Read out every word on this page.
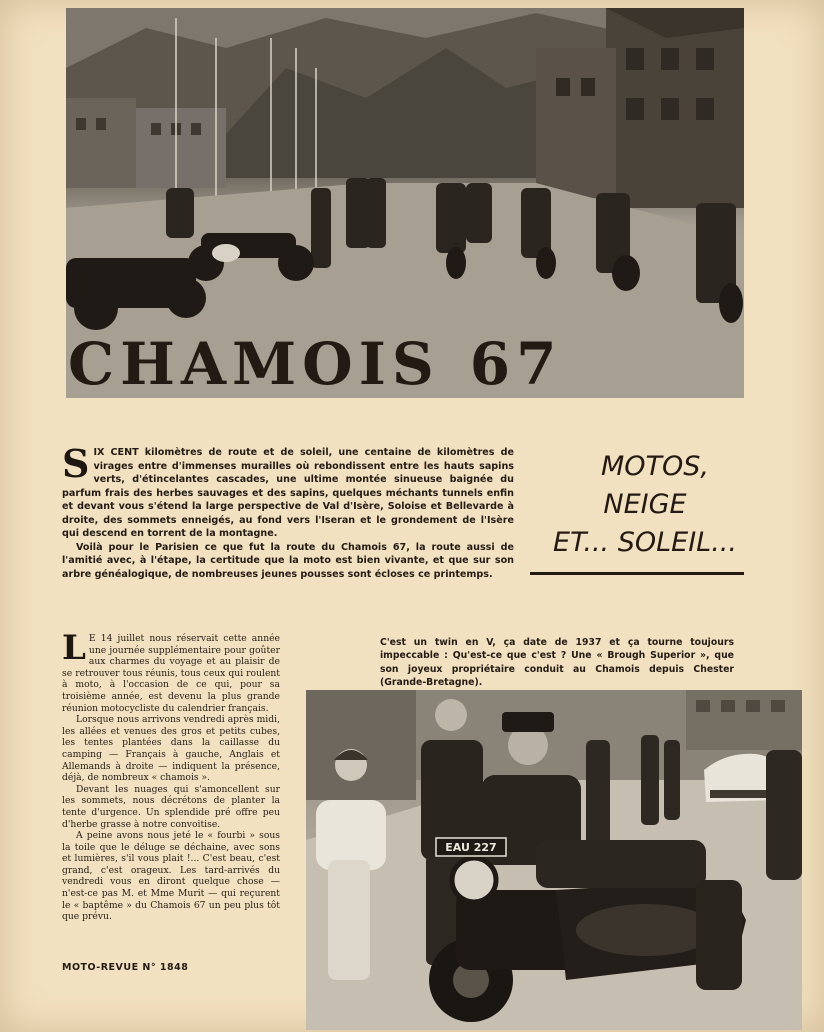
CHAMOIS 67

SIX CENT kilomètres de route et de soleil, une centaine de kilomètres de virages entre d'immenses murailles où rebondissent entre les hauts sapins verts, d'étincelantes cascades, une ultime montée sinueuse baignée du parfum frais des herbes sauvages et des sapins, quelques méchants tunnels enfin et devant vous s'étend la large perspective de Val d'Isère, Soloise et Bellevarde à droite, des sommets enneigés, au fond vers l'Iseran et le grondement de l'Isère qui descend en torrent de la montagne.

Voilà pour le Parisien ce que fut la route du Chamois 67, la route aussi de l'amitié avec, à l'étape, la certitude que la moto est bien vivante, et que sur son arbre généalogique, de nombreuses jeunes pousses sont écloses ce printemps.

MOTOS,
NEIGE
ET... SOLEIL...

L E 14 juillet nous réservait cette année une journée supplémentaire pour goûter aux charmes du voyage et au plaisir de se retrouver tous réunis, tous ceux qui roulent à moto, à l'occasion de ce qui, pour sa troisième année, est devenu la plus grande réunion motocycliste du calendrier français.

Lorsque nous arrivons vendredi après midi, les allées et venues des gros et petits cubes, les tentes plantées dans la caillasse du camping — Français à gauche, Anglais et Allemands à droite — indiquent la présence, déjà, de nombreux « chamois ».

Devant les nuages qui s'amoncellent sur les sommets, nous décrétons de planter la tente d'urgence. Un splendide pré offre peu d'herbe grasse à notre convoitise.

A peine avons nous jeté le « fourbi » sous la toile que le déluge se déchaine, avec sons et lumières, s'il vous plait !... C'est beau, c'est grand, c'est orageux. Les tard-arrivés du vendredi vous en diront quelque chose — n'est-ce pas M. et Mme Murit — qui reçurent le « baptême » du Chamois 67 un peu plus tôt que prévu.

MOTO-REVUE N° 1848
C'est un twin en V, ça date de 1937 et ça tourne toujours impeccable : Qu'est-ce que c'est ? Une « Brough Superior », que son joyeux propriétaire conduit au Chamois depuis Chester (Grande-Bretagne).
EAU 227
